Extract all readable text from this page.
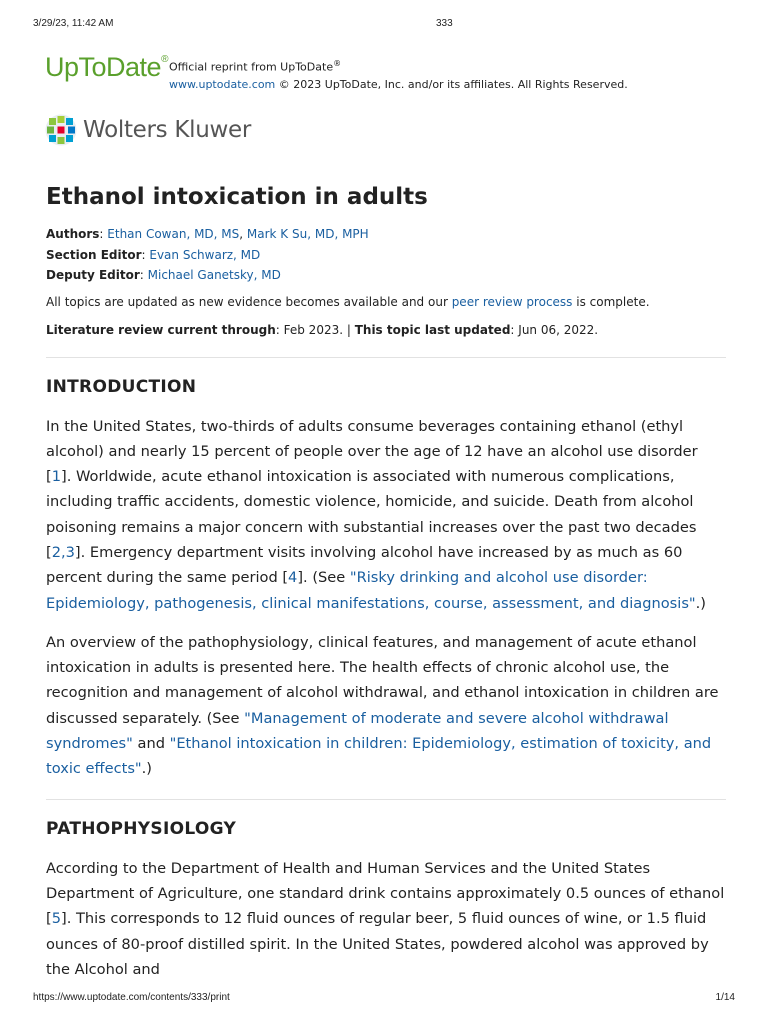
3/29/23, 11:42 AM	333
UpToDate®
Official reprint from UpToDate®
www.uptodate.com © 2023 UpToDate, Inc. and/or its affiliates. All Rights Reserved.
Wolters Kluwer
Ethanol intoxication in adults
Authors: Ethan Cowan, MD, MS, Mark K Su, MD, MPH
Section Editor: Evan Schwarz, MD
Deputy Editor: Michael Ganetsky, MD
All topics are updated as new evidence becomes available and our peer review process is complete.
Literature review current through: Feb 2023. | This topic last updated: Jun 06, 2022.
INTRODUCTION

In the United States, two-thirds of adults consume beverages containing ethanol (ethyl alcohol) and nearly 15 percent of people over the age of 12 have an alcohol use disorder [1]. Worldwide, acute ethanol intoxication is associated with numerous complications, including traffic accidents, domestic violence, homicide, and suicide. Death from alcohol poisoning remains a major concern with substantial increases over the past two decades [2,3]. Emergency department visits involving alcohol have increased by as much as 60 percent during the same period [4]. (See "Risky drinking and alcohol use disorder: Epidemiology, pathogenesis, clinical manifestations, course, assessment, and diagnosis".)

An overview of the pathophysiology, clinical features, and management of acute ethanol intoxication in adults is presented here. The health effects of chronic alcohol use, the recognition and management of alcohol withdrawal, and ethanol intoxication in children are discussed separately. (See "Management of moderate and severe alcohol withdrawal syndromes" and "Ethanol intoxication in children: Epidemiology, estimation of toxicity, and toxic effects".)

PATHOPHYSIOLOGY

According to the Department of Health and Human Services and the United States Department of Agriculture, one standard drink contains approximately 0.5 ounces of ethanol [5]. This corresponds to 12 fluid ounces of regular beer, 5 fluid ounces of wine, or 1.5 fluid ounces of 80-proof distilled spirit. In the United States, powdered alcohol was approved by the Alcohol and

https://www.uptodate.com/contents/333/print	1/14
